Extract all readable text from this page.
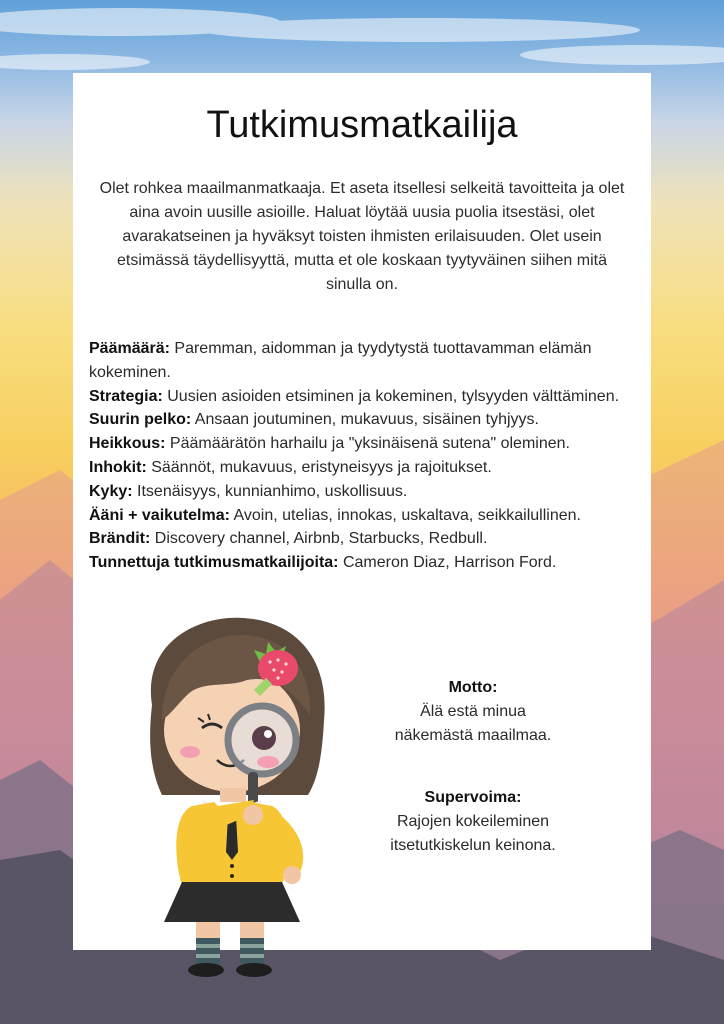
Tutkimusmatkailija

Olet rohkea maailmanmatkaaja. Et aseta itsellesi selkeitä tavoitteita ja olet aina avoin uusille asioille. Haluat löytää uusia puolia itsestäsi, olet avarakatseinen ja hyväksyt toisten ihmisten erilaisuuden. Olet usein etsimässä täydellisyyttä, mutta et ole koskaan tyytyväinen siihen mitä sinulla on.

Päämäärä: Paremman, aidomman ja tyydytystä tuottavamman elämän kokeminen.

Strategia: Uusien asioiden etsiminen ja kokeminen, tylsyyden välttäminen.

Suurin pelko: Ansaan joutuminen, mukavuus, sisäinen tyhjyys.

Heikkous: Päämäärätön harhailu ja "yksinäisenä sutena" oleminen.

Inhokit: Säännöt, mukavuus, eristyneisyys ja rajoitukset.

Kyky: Itsenäisyys, kunnianhimo, uskollisuus.

Ääni + vaikutelma: Avoin, utelias, innokas, uskaltava, seikkailullinen.

Brändit: Discovery channel, Airbnb, Starbucks, Redbull.

Tunnettuja tutkimusmatkailijoita: Cameron Diaz, Harrison Ford.

Motto:
Älä estä minua
näkemästä maailmaa.
Supervoima:
Rajojen kokeileminen
itsetutkiskelun keinona.
